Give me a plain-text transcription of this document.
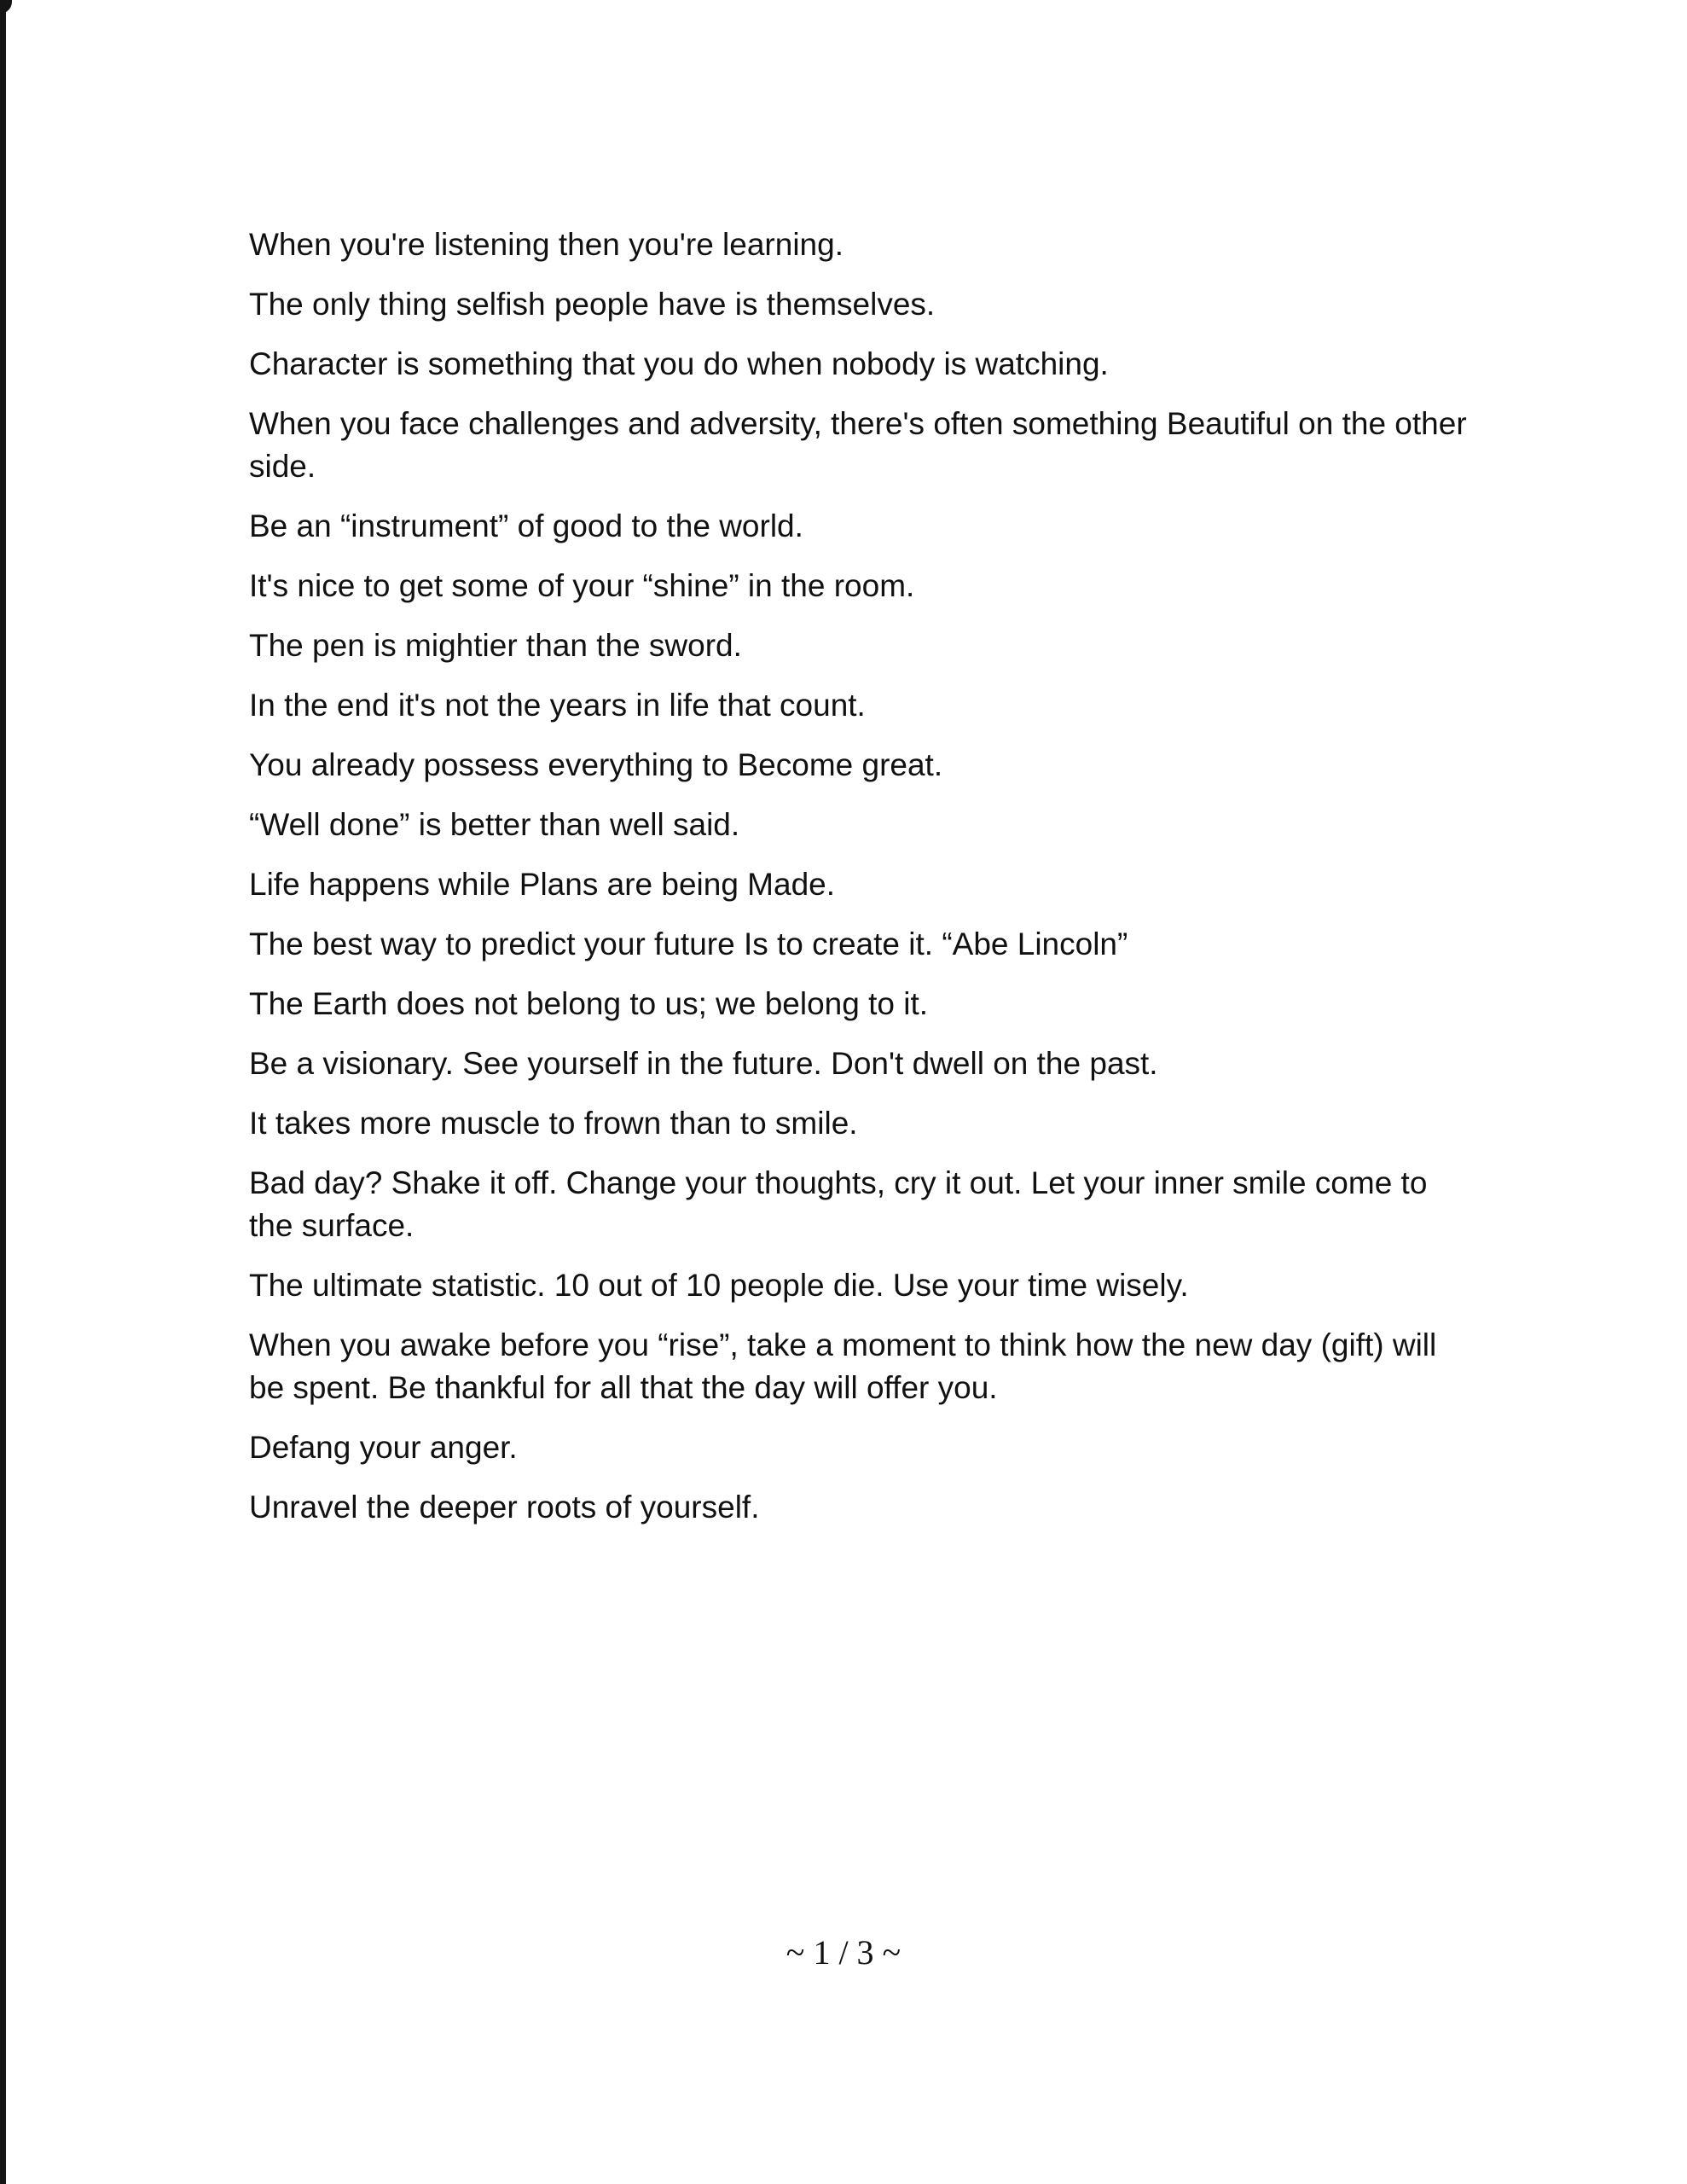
When you're listening then you're learning.
The only thing selfish people have is themselves.
Character is something that you do when nobody is watching.
When you face challenges and adversity, there's often something Beautiful on the other side.
Be an “instrument” of good to the world.
It's nice to get some of your “shine” in the room.
The pen is mightier than the sword.
In the end it's not the years in life that count.
You already possess everything to Become great.
“Well done” is better than well said.
Life happens while Plans are being Made.
The best way to predict your future Is to create it. “Abe Lincoln”
The Earth does not belong to us; we belong to it.
Be a visionary. See yourself in the future. Don't dwell on the past.
It takes more muscle to frown than to smile.
Bad day? Shake it off. Change your thoughts, cry it out. Let your inner smile come to the surface.
The ultimate statistic. 10 out of 10 people die. Use your time wisely.
When you awake before you “rise”, take a moment to think how the new day (gift) will be spent. Be thankful for all that the day will offer you.
Defang your anger.
Unravel the deeper roots of yourself.
~ 1 / 3 ~
